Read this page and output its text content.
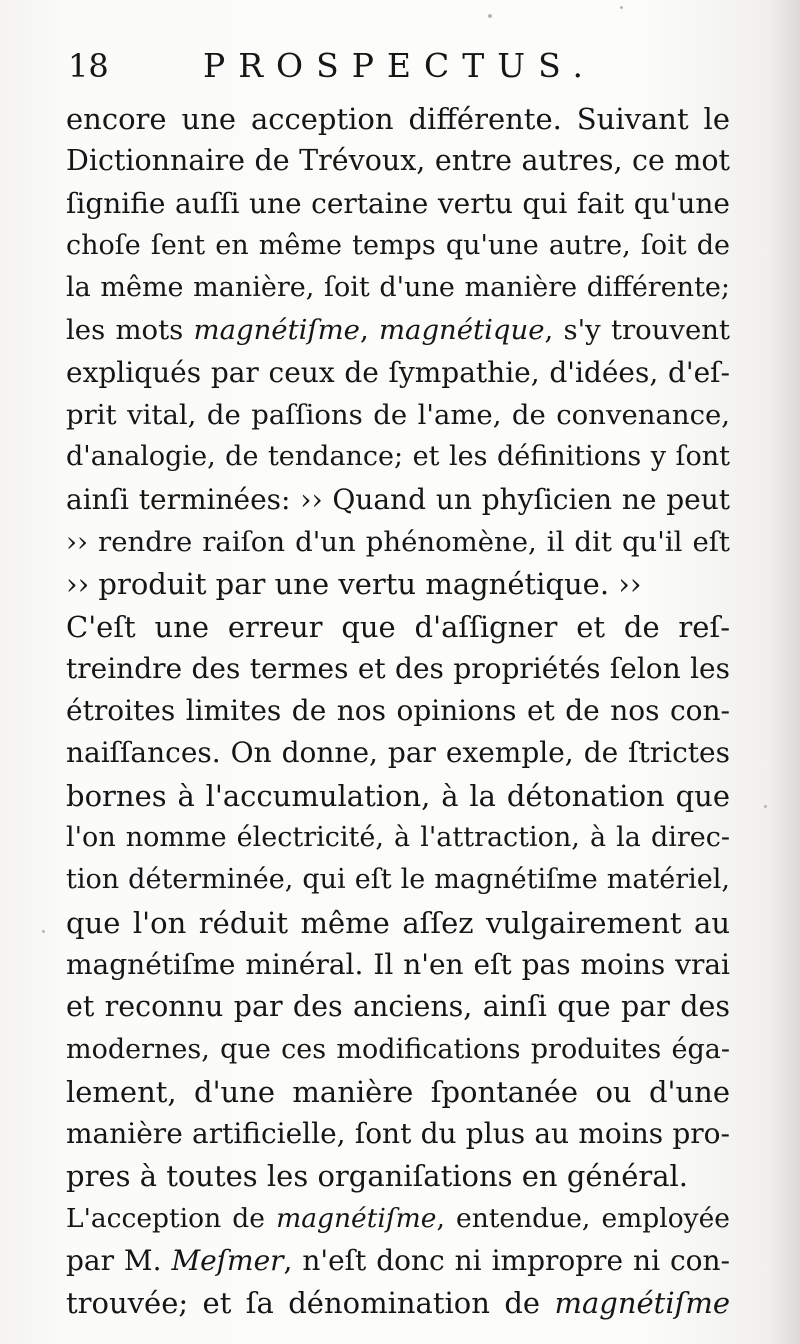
18	PROSPECTUS.
encore une acception différente. Suivant le
Dictionnaire de Trévoux, entre autres, ce mot
ſignifie auſſi une certaine vertu qui fait qu'une
choſe ſent en même temps qu'une autre, ſoit de
la même manière, ſoit d'une manière différente;
les mots magnétiſme, magnétique, s'y trouvent
expliqués par ceux de ſympathie, d'idées, d'eſ-
prit vital, de paſſions de l'ame, de convenance,
d'analogie, de tendance; et les définitions y ſont
ainſi terminées: ›› Quand un phyſicien ne peut
›› rendre raiſon d'un phénomène, il dit qu'il eſt
›› produit par une vertu magnétique. ››
C'eſt une erreur que d'aſſigner et de reſ-
treindre des termes et des propriétés ſelon les
étroites limites de nos opinions et de nos con-
naiſſances. On donne, par exemple, de ſtrictes
bornes à l'accumulation, à la détonation que
l'on nomme électricité, à l'attraction, à la direc-
tion déterminée, qui eſt le magnétiſme matériel,
que l'on réduit même aſſez vulgairement au
magnétiſme minéral. Il n'en eſt pas moins vrai
et reconnu par des anciens, ainſi que par des
modernes, que ces modifications produites éga-
lement, d'une manière ſpontanée ou d'une
manière artificielle, ſont du plus au moins pro-
pres à toutes les organiſations en général.
L'acception de magnétiſme, entendue, employée
par M. Meſmer, n'eſt donc ni impropre ni con-
trouvée; et ſa dénomination de magnétiſme
